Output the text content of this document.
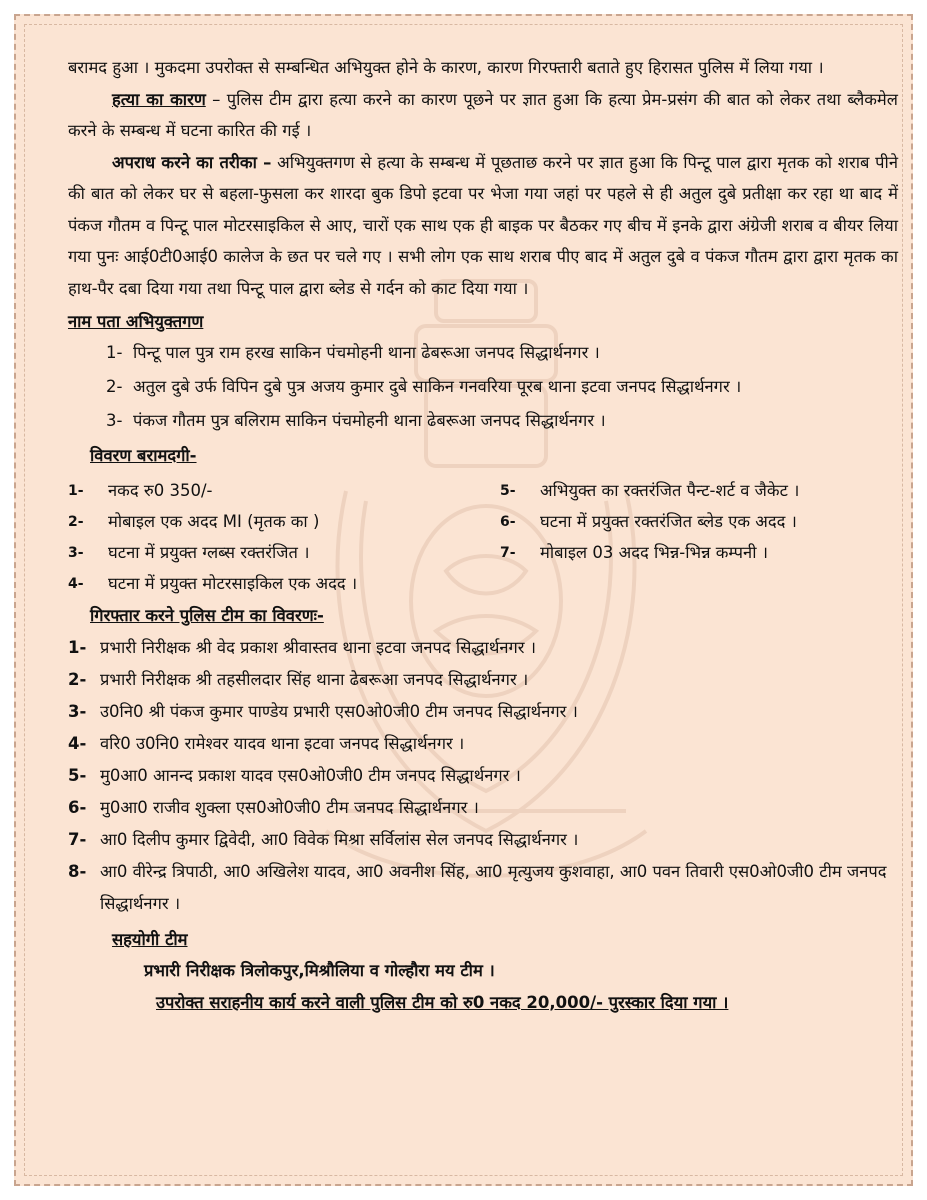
बरामद हुआ । मुकदमा उपरोक्त से सम्बन्धित अभियुक्त होने के कारण, कारण गिरफ्तारी बताते हुए हिरासत पुलिस में लिया गया ।

हत्या का कारण – पुलिस टीम द्वारा हत्या करने का कारण पूछने पर ज्ञात हुआ कि हत्या प्रेम-प्रसंग की बात को लेकर तथा ब्लैकमेल करने के सम्बन्ध में घटना कारित की गई ।

अपराध करने का तरीका – अभियुक्तगण से हत्या के सम्बन्ध में पूछताछ करने पर ज्ञात हुआ कि पिन्टू पाल द्वारा मृतक को शराब पीने की बात को लेकर घर से बहला-फुसला कर शारदा बुक डिपो इटवा पर भेजा गया जहां पर पहले से ही अतुल दुबे प्रतीक्षा कर रहा था बाद में पंकज गौतम व पिन्टू पाल मोटरसाइकिल से आए, चारों एक साथ एक ही बाइक पर बैठकर गए बीच में इनके द्वारा अंग्रेजी शराब व बीयर लिया गया पुनः आई0टी0आई0 कालेज के छत पर चले गए । सभी लोग एक साथ शराब पीए बाद में अतुल दुबे व पंकज गौतम द्वारा द्वारा मृतक का हाथ-पैर दबा दिया गया तथा पिन्टू पाल द्वारा ब्लेड से गर्दन को काट दिया गया ।

नाम पता अभियुक्तगण
1- पिन्टू पाल पुत्र राम हरख साकिन पंचमोहनी थाना ढेबरूआ जनपद सिद्धार्थनगर ।
2- अतुल दुबे उर्फ विपिन दुबे पुत्र अजय कुमार दुबे साकिन गनवरिया पूरब थाना इटवा जनपद सिद्धार्थनगर ।
3- पंकज गौतम पुत्र बलिराम साकिन पंचमोहनी थाना ढेबरूआ जनपद सिद्धार्थनगर ।
विवरण बरामदगी-
1- नकद रु0 350/-	5- अभियुक्त का रक्तरंजित पैन्ट-शर्ट व जैकेट ।
2- मोबाइल एक अदद MI (मृतक का )	6- घटना में प्रयुक्त रक्तरंजित ब्लेड एक अदद ।
3- घटना में प्रयुक्त ग्लब्स रक्तरंजित ।	7- मोबाइल 03 अदद भिन्न-भिन्न कम्पनी ।
4- घटना में प्रयुक्त मोटरसाइकिल एक अदद ।
गिरफ्तार करने पुलिस टीम का विवरणः-
1- प्रभारी निरीक्षक श्री वेद प्रकाश श्रीवास्तव थाना इटवा जनपद सिद्धार्थनगर ।
2- प्रभारी निरीक्षक श्री तहसीलदार सिंह थाना ढेबरूआ जनपद सिद्धार्थनगर ।
3- उ0नि0 श्री पंकज कुमार पाण्डेय प्रभारी एस0ओ0जी0 टीम जनपद सिद्धार्थनगर ।
4- वरि0 उ0नि0 रामेश्वर यादव थाना इटवा जनपद सिद्धार्थनगर ।
5- मु0आ0 आनन्द प्रकाश यादव एस0ओ0जी0 टीम जनपद सिद्धार्थनगर ।
6- मु0आ0 राजीव शुक्ला एस0ओ0जी0 टीम जनपद सिद्धार्थनगर ।
7- आ0 दिलीप कुमार द्विवेदी, आ0 विवेक मिश्रा सर्विलांस सेल जनपद सिद्धार्थनगर ।
8- आ0 वीरेन्द्र त्रिपाठी, आ0 अखिलेश यादव, आ0 अवनीश सिंह, आ0 मृत्युजय कुशवाहा, आ0 पवन तिवारी एस0ओ0जी0 टीम जनपद सिद्धार्थनगर ।
सहयोगी टीम
प्रभारी निरीक्षक त्रिलोकपुर,मिश्रौलिया व गोल्हौरा मय टीम ।
उपरोक्त सराहनीय कार्य करने वाली पुलिस टीम को रु0 नकद 20,000/- पुरस्कार दिया गया ।
